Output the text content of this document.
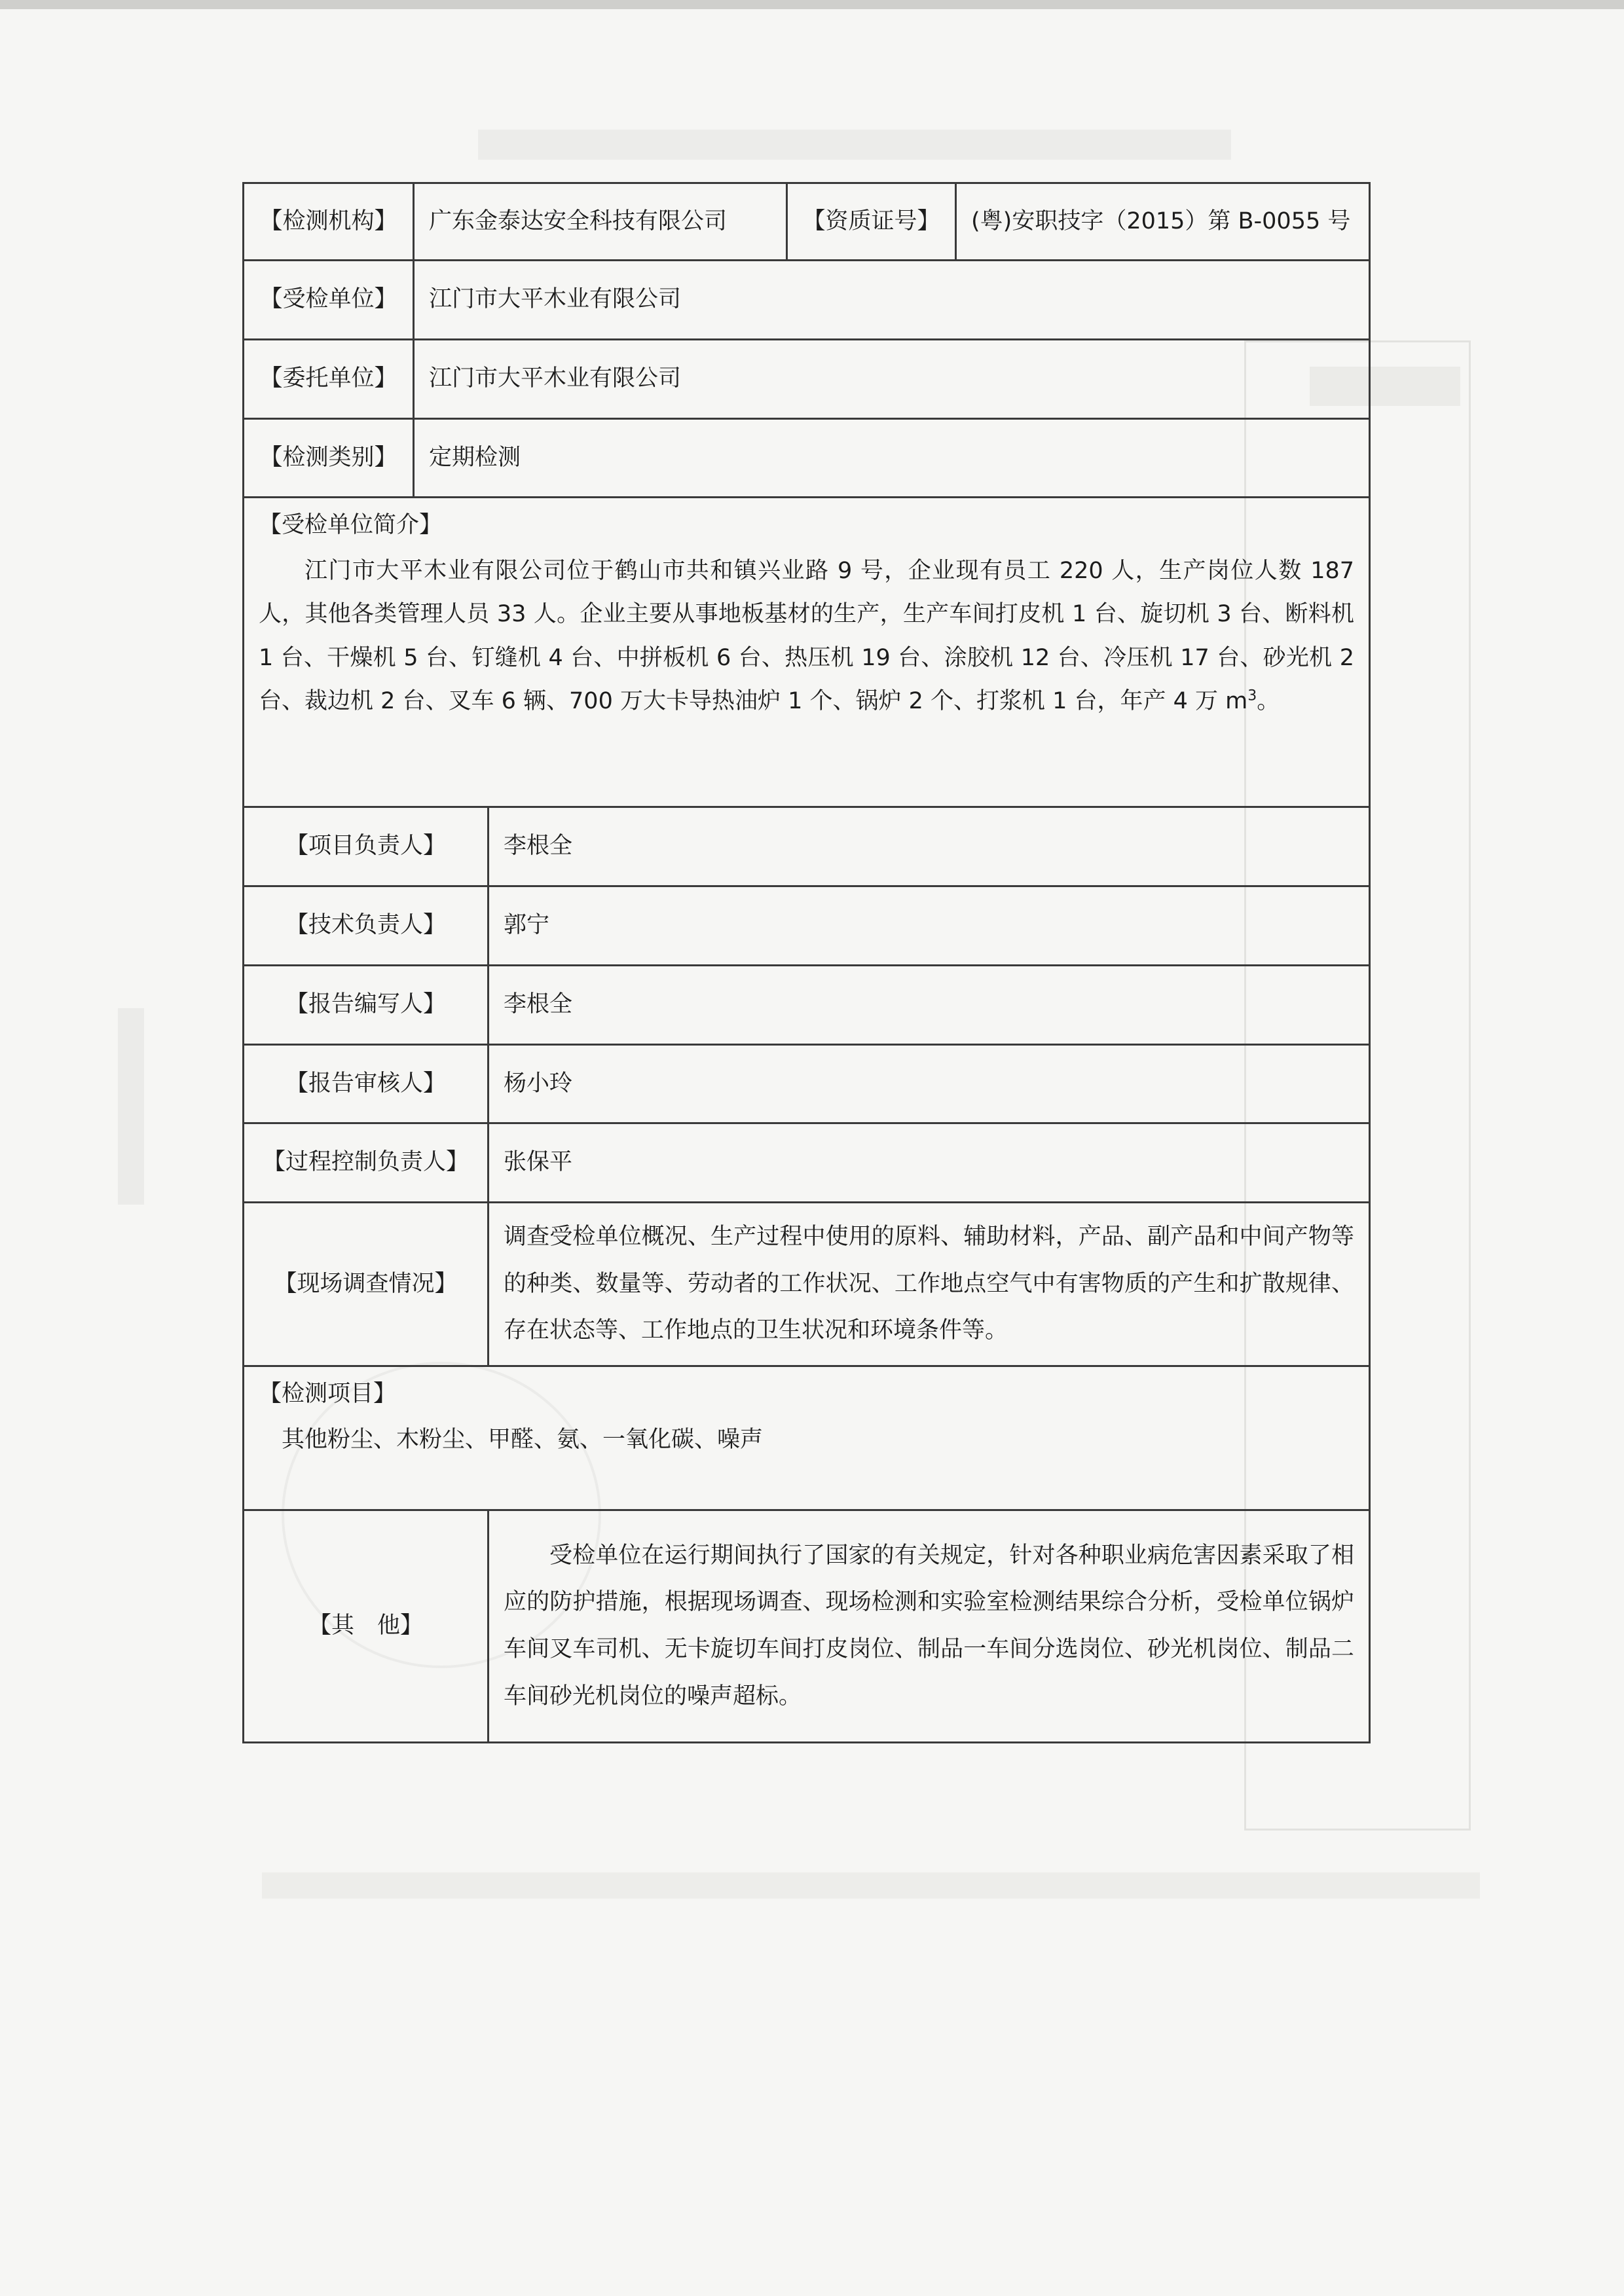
【检测机构】	广东金泰达安全科技有限公司		【资质证号】	(粤)安职技字（2015）第 B-0055 号
【受检单位】	江门市大平木业有限公司			
【委托单位】	江门市大平木业有限公司			
【检测类别】	定期检测			

【受检单位简介】

江门市大平木业有限公司位于鹤山市共和镇兴业路 9 号，企业现有员工 220 人，生产岗位人数 187 人，其他各类管理人员 33 人。企业主要从事地板基材的生产，生产车间打皮机 1 台、旋切机 3 台、断料机 1 台、干燥机 5 台、钉缝机 4 台、中拼板机 6 台、热压机 19 台、涂胶机 12 台、冷压机 17 台、砂光机 2 台、裁边机 2 台、叉车 6 辆、700 万大卡导热油炉 1 个、锅炉 2 个、打浆机 1 台，年产 4 万 $m^3$。				

【项目负责人】		李根全		
【技术负责人】		郭宁		
【报告编写人】		李根全		
【报告审核人】		杨小玲		
【过程控制负责人】		张保平		
【现场调查情况】		调查受检单位概况、生产过程中使用的原料、辅助材料，产品、副产品和中间产物等的种类、数量等、劳动者的工作状况、工作地点空气中有害物质的产生和扩散规律、存在状态等、工作地点的卫生状况和环境条件等。		

【检测项目】

其他粉尘、木粉尘、甲醛、氨、一氧化碳、噪声				

【其　他】		受检单位在运行期间执行了国家的有关规定，针对各种职业病危害因素采取了相应的防护措施，根据现场调查、现场检测和实验室检测结果综合分析，受检单位锅炉车间叉车司机、无卡旋切车间打皮岗位、制品一车间分选岗位、砂光机岗位、制品二车间砂光机岗位的噪声超标。		
